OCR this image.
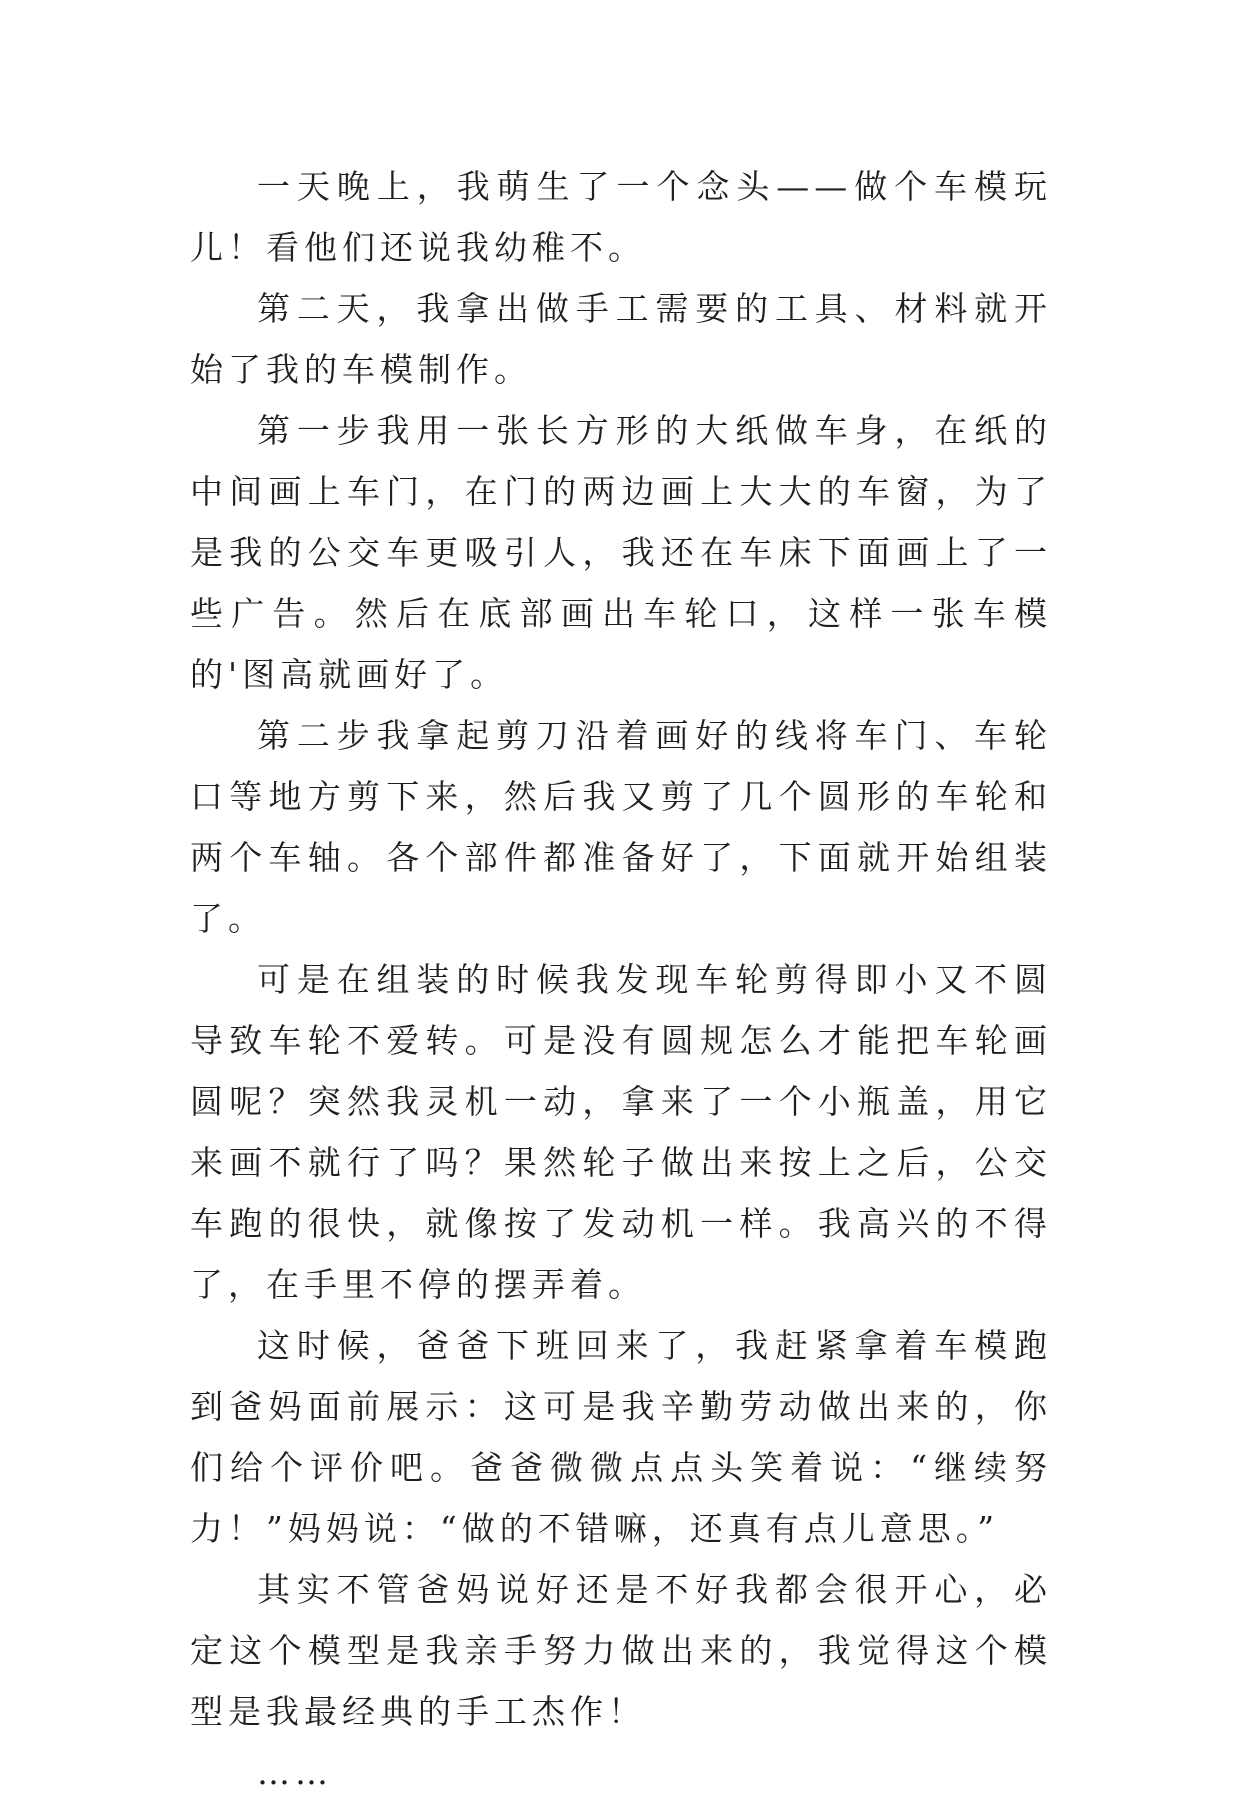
一天晚上，我萌生了一个念头——做个车模玩儿！看他们还说我幼稚不。

第二天，我拿出做手工需要的工具、材料就开始了我的车模制作。

第一步我用一张长方形的大纸做车身，在纸的中间画上车门，在门的两边画上大大的车窗，为了是我的公交车更吸引人，我还在车床下面画上了一些广告。然后在底部画出车轮口，这样一张车模的'图高就画好了。

第二步我拿起剪刀沿着画好的线将车门、车轮口等地方剪下来，然后我又剪了几个圆形的车轮和两个车轴。各个部件都准备好了，下面就开始组装了。

可是在组装的时候我发现车轮剪得即小又不圆导致车轮不爱转。可是没有圆规怎么才能把车轮画圆呢？突然我灵机一动，拿来了一个小瓶盖，用它来画不就行了吗？果然轮子做出来按上之后，公交车跑的很快，就像按了发动机一样。我高兴的不得了，在手里不停的摆弄着。

这时候，爸爸下班回来了，我赶紧拿着车模跑到爸妈面前展示：这可是我辛勤劳动做出来的，你们给个评价吧。爸爸微微点点头笑着说：“继续努力！”妈妈说：“做的不错嘛，还真有点儿意思。”

其实不管爸妈说好还是不好我都会很开心，必定这个模型是我亲手努力做出来的，我觉得这个模型是我最经典的手工杰作！

……
